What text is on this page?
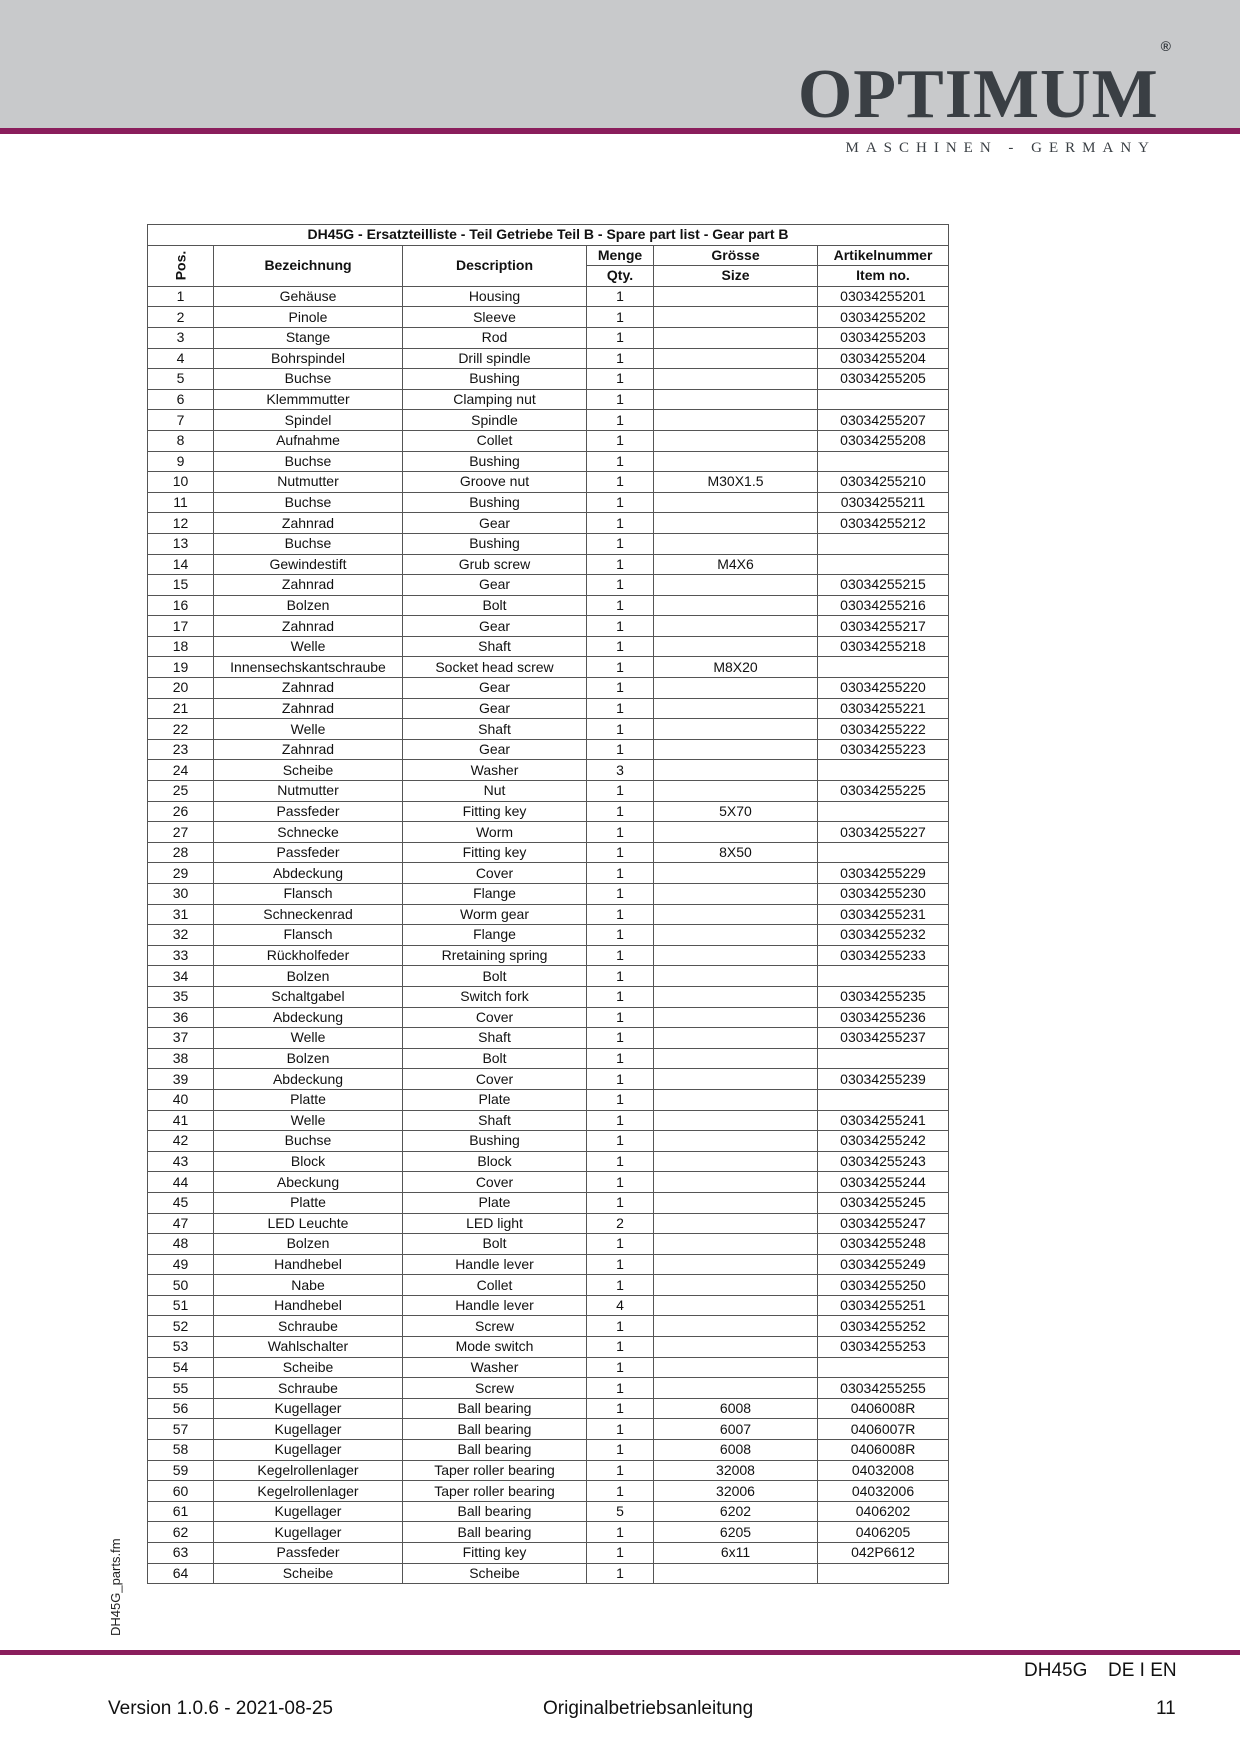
OPTIMUM®
MASCHINEN - GERMANY
DH45G - Ersatzteilliste - Teil Getriebe Teil B - Spare part list - Gear part B					
Pos.	Bezeichnung	Description	Menge	Grösse	Artikelnummer
			Qty.	Size	Item no.
1	Gehäuse	Housing	1		03034255201
2	Pinole	Sleeve	1		03034255202
3	Stange	Rod	1		03034255203
4	Bohrspindel	Drill spindle	1		03034255204
5	Buchse	Bushing	1		03034255205
6	Klemmmutter	Clamping nut	1		
7	Spindel	Spindle	1		03034255207
8	Aufnahme	Collet	1		03034255208
9	Buchse	Bushing	1		
10	Nutmutter	Groove nut	1	M30X1.5	03034255210
11	Buchse	Bushing	1		03034255211
12	Zahnrad	Gear	1		03034255212
13	Buchse	Bushing	1		
14	Gewindestift	Grub screw	1	M4X6	
15	Zahnrad	Gear	1		03034255215
16	Bolzen	Bolt	1		03034255216
17	Zahnrad	Gear	1		03034255217
18	Welle	Shaft	1		03034255218
19	Innensechskantschraube	Socket head screw	1	M8X20	
20	Zahnrad	Gear	1		03034255220
21	Zahnrad	Gear	1		03034255221
22	Welle	Shaft	1		03034255222
23	Zahnrad	Gear	1		03034255223
24	Scheibe	Washer	3		
25	Nutmutter	Nut	1		03034255225
26	Passfeder	Fitting key	1	5X70	
27	Schnecke	Worm	1		03034255227
28	Passfeder	Fitting key	1	8X50	
29	Abdeckung	Cover	1		03034255229
30	Flansch	Flange	1		03034255230
31	Schneckenrad	Worm gear	1		03034255231
32	Flansch	Flange	1		03034255232
33	Rückholfeder	Rretaining spring	1		03034255233
34	Bolzen	Bolt	1		
35	Schaltgabel	Switch fork	1		03034255235
36	Abdeckung	Cover	1		03034255236
37	Welle	Shaft	1		03034255237
38	Bolzen	Bolt	1		
39	Abdeckung	Cover	1		03034255239
40	Platte	Plate	1		
41	Welle	Shaft	1		03034255241
42	Buchse	Bushing	1		03034255242
43	Block	Block	1		03034255243
44	Abeckung	Cover	1		03034255244
45	Platte	Plate	1		03034255245
47	LED Leuchte	LED light	2		03034255247
48	Bolzen	Bolt	1		03034255248
49	Handhebel	Handle lever	1		03034255249
50	Nabe	Collet	1		03034255250
51	Handhebel	Handle lever	4		03034255251
52	Schraube	Screw	1		03034255252
53	Wahlschalter	Mode switch	1		03034255253
54	Scheibe	Washer	1		
55	Schraube	Screw	1		03034255255
56	Kugellager	Ball bearing	1	6008	0406008R
57	Kugellager	Ball bearing	1	6007	0406007R
58	Kugellager	Ball bearing	1	6008	0406008R
59	Kegelrollenlager	Taper roller bearing	1	32008	04032008
60	Kegelrollenlager	Taper roller bearing	1	32006	04032006
61	Kugellager	Ball bearing	5	6202	0406202
62	Kugellager	Ball bearing	1	6205	0406205
63	Passfeder	Fitting key	1	6x11	042P6612
64	Scheibe	Scheibe	1		
DH45G_parts.fm
DH45G DE I EN
Version 1.0.6 - 2021-08-25	Originalbetriebsanleitung	11
